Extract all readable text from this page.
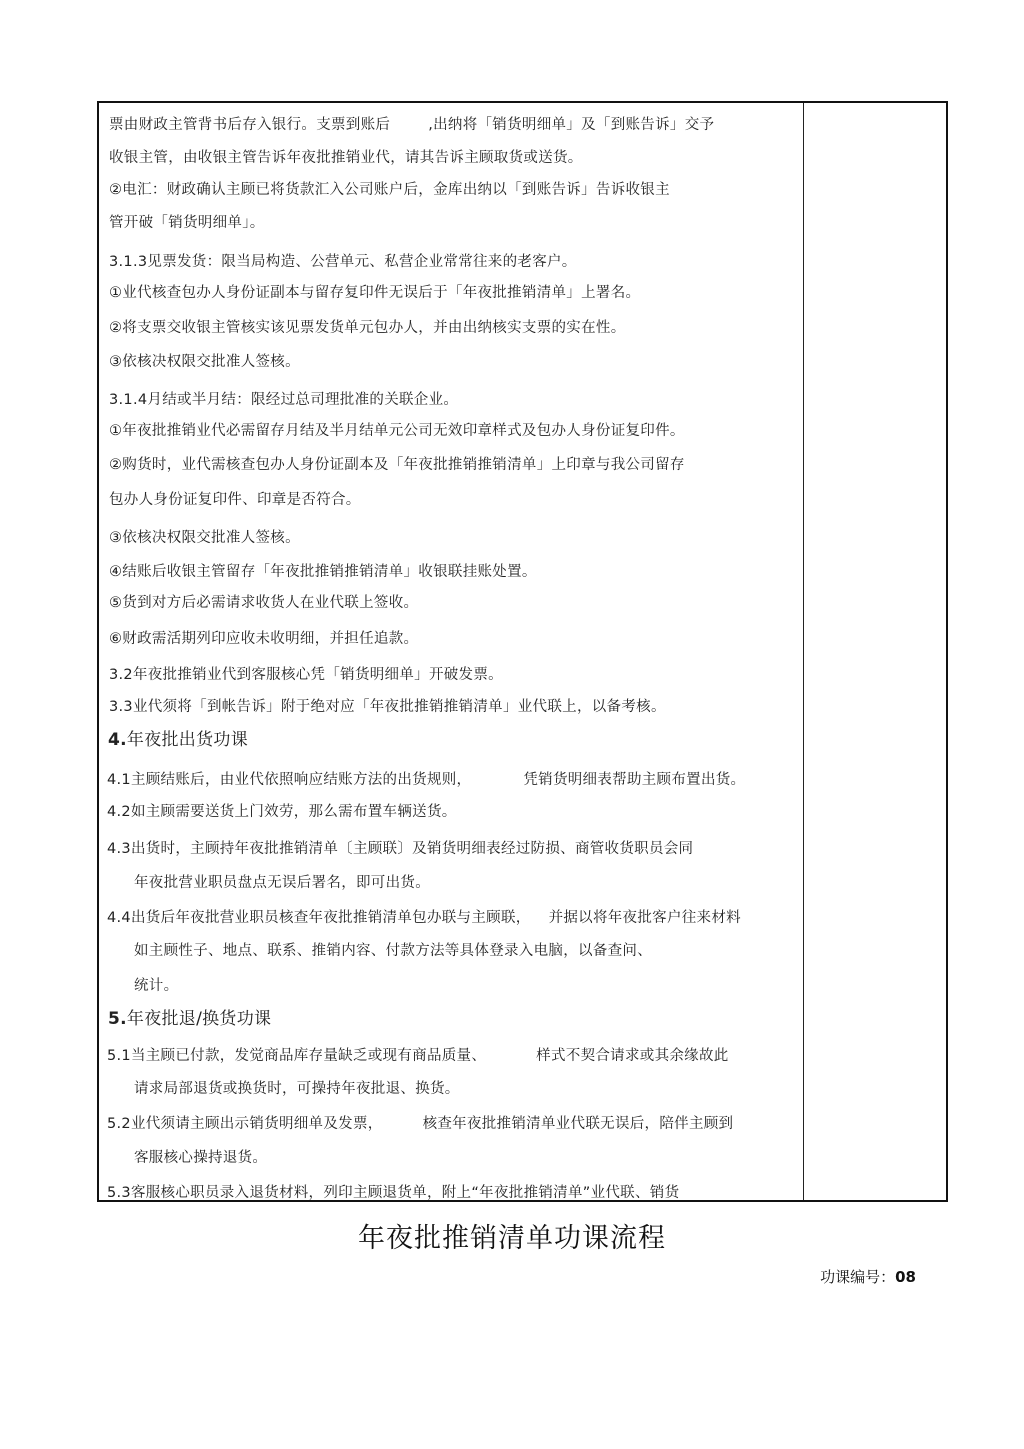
票由财政主管背书后存入银行。支票到账后	,出纳将「销货明细单」及「到账告诉」交予
收银主管，由收银主管告诉年夜批推销业代，请其告诉主顾取货或送货。
②电汇：财政确认主顾已将货款汇入公司账户后，金库出纳以「到账告诉」告诉收银主
管开破「销货明细单」。
3.1.3见票发货：限当局构造、公营单元、私营企业常常往来的老客户。
①业代核查包办人身份证副本与留存复印件无误后于「年夜批推销清单」上署名。
②将支票交收银主管核实该见票发货单元包办人，并由出纳核实支票的实在性。
③依核决权限交批准人签核。
3.1.4月结或半月结：限经过总司理批准的关联企业。
①年夜批推销业代必需留存月结及半月结单元公司无效印章样式及包办人身份证复印件。
②购货时，业代需核查包办人身份证副本及「年夜批推销推销清单」上印章与我公司留存
包办人身份证复印件、印章是否符合。
③依核决权限交批准人签核。
④结账后收银主管留存「年夜批推销推销清单」收银联挂账处置。
⑤货到对方后必需请求收货人在业代联上签收。
⑥财政需活期列印应收未收明细，并担任追款。
3.2年夜批推销业代到客服核心凭「销货明细单」开破发票。
3.3业代须将「到帐告诉」附于绝对应「年夜批推销推销清单」业代联上，以备考核。
4.年夜批出货功课
4.1主顾结账后，由业代依照响应结账方法的出货规则，	凭销货明细表帮助主顾布置出货。
4.2如主顾需要送货上门效劳，那么需布置车辆送货。
4.3出货时，主顾持年夜批推销清单〔主顾联〕及销货明细表经过防损、商管收货职员会同
年夜批营业职员盘点无误后署名，即可出货。
4.4出货后年夜批营业职员核查年夜批推销清单包办联与主顾联， 并据以将年夜批客户往来材料
如主顾性子、地点、联系、推销内容、付款方法等具体登录入电脑，以备查问、
统计。
5.年夜批退/换货功课
5.1当主顾已付款，发觉商品库存量缺乏或现有商品质量、	样式不契合请求或其余缘故此
请求局部退货或换货时，可操持年夜批退、换货。
5.2业代须请主顾出示销货明细单及发票，	核查年夜批推销清单业代联无误后，陪伴主顾到
客服核心操持退货。
5.3客服核心职员录入退货材料，列印主顾退货单，附上“年夜批推销清单”业代联、销货
年夜批推销清单功课流程
功课编号：08
